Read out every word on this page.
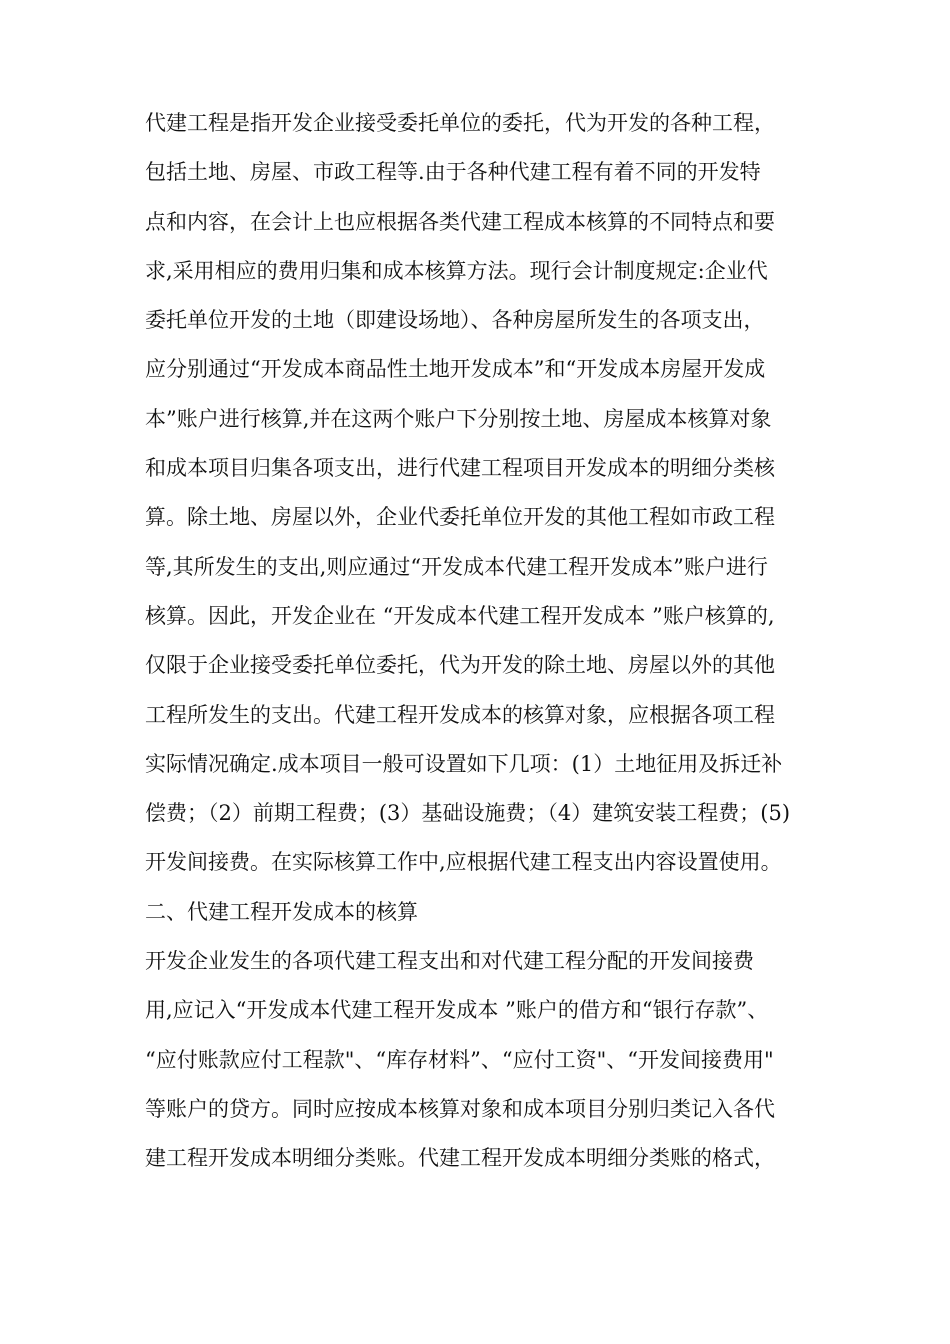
代建工程是指开发企业接受委托单位的委托，代为开发的各种工程，
包括土地、房屋、市政工程等.由于各种代建工程有着不同的开发特
点和内容，在会计上也应根据各类代建工程成本核算的不同特点和要
求,采用相应的费用归集和成本核算方法。现行会计制度规定:企业代
委托单位开发的土地（即建设场地）、各种房屋所发生的各项支出，
应分别通过“开发成本商品性土地开发成本”和“开发成本房屋开发成
本”账户进行核算,并在这两个账户下分别按土地、房屋成本核算对象
和成本项目归集各项支出，进行代建工程项目开发成本的明细分类核
算。除土地、房屋以外，企业代委托单位开发的其他工程如市政工程
等,其所发生的支出,则应通过“开发成本代建工程开发成本”账户进行
核算。因此，开发企业在 “开发成本代建工程开发成本 ”账户核算的,
仅限于企业接受委托单位委托，代为开发的除土地、房屋以外的其他
工程所发生的支出。代建工程开发成本的核算对象，应根据各项工程
实际情况确定.成本项目一般可设置如下几项：(1）土地征用及拆迁补
偿费；（2）前期工程费；(3）基础设施费；（4）建筑安装工程费；(5)
开发间接费。在实际核算工作中,应根据代建工程支出内容设置使用。
二、代建工程开发成本的核算
开发企业发生的各项代建工程支出和对代建工程分配的开发间接费
用,应记入“开发成本代建工程开发成本 ”账户的借方和“银行存款”、
“应付账款应付工程款"、“库存材料”、“应付工资"、“开发间接费用"
等账户的贷方。同时应按成本核算对象和成本项目分别归类记入各代
建工程开发成本明细分类账。代建工程开发成本明细分类账的格式，
